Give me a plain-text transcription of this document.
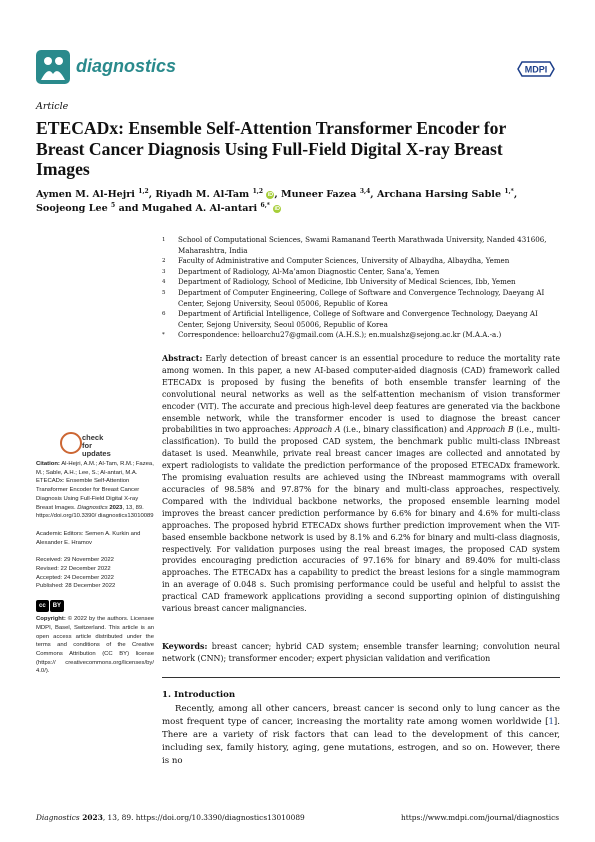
diagnostics	MDPI
Article
ETECADx: Ensemble Self-Attention Transformer Encoder for Breast Cancer Diagnosis Using Full-Field Digital X-ray Breast Images
Aymen M. Al-Hejri $^{1,2}$, Riyadh M. Al-Tam $^{1,2}$ iD, Muneer Fazea $^{3,4}$, Archana Harsing Sable $^{1,*}$, Soojeong Lee $^5$ and Mugahed A. Al-antari $^{6,*}$ iD
1	School of Computational Sciences, Swami Ramanand Teerth Marathwada University, Nanded 431606, Maharashtra, India
2	Faculty of Administrative and Computer Sciences, University of Albaydha, Albaydha, Yemen
3	Department of Radiology, Al-Ma’amon Diagnostic Center, Sana’a, Yemen
4	Department of Radiology, School of Medicine, Ibb University of Medical Sciences, Ibb, Yemen
5	Department of Computer Engineering, College of Software and Convergence Technology, Daeyang AI Center, Sejong University, Seoul 05006, Republic of Korea
6	Department of Artificial Intelligence, College of Software and Convergence Technology, Daeyang AI Center, Sejong University, Seoul 05006, Republic of Korea
*	Correspondence: helloarchu27@gmail.com (A.H.S.); en.mualshz@sejong.ac.kr (M.A.A.-a.)
Abstract: Early detection of breast cancer is an essential procedure to reduce the mortality rate among women. In this paper, a new AI-based computer-aided diagnosis (CAD) framework called ETECADx is proposed by fusing the benefits of both ensemble transfer learning of the convolutional neural networks as well as the self-attention mechanism of vision transformer encoder (ViT). The accurate and precious high-level deep features are generated via the backbone ensemble network, while the transformer encoder is used to diagnose the breast cancer probabilities in two approaches: Approach A (i.e., binary classification) and Approach B (i.e., multi-classification). To build the proposed CAD system, the benchmark public multi-class INbreast dataset is used. Meanwhile, private real breast cancer images are collected and annotated by expert radiologists to validate the prediction performance of the proposed ETECADx framework. The promising evaluation results are achieved using the INbreast mammograms with overall accuracies of 98.58% and 97.87% for the binary and multi-class approaches, respectively. Compared with the individual backbone networks, the proposed ensemble learning model improves the breast cancer prediction performance by 6.6% for binary and 4.6% for multi-class approaches. The proposed hybrid ETECADx shows further prediction improvement when the ViT-based ensemble backbone network is used by 8.1% and 6.2% for binary and multi-class diagnosis, respectively. For validation purposes using the real breast images, the proposed CAD system provides encouraging prediction accuracies of 97.16% for binary and 89.40% for multi-class approaches. The ETECADx has a capability to predict the breast lesions for a single mammogram in an average of 0.048 s. Such promising performance could be useful and helpful to assist the practical CAD framework applications providing a second supporting opinion of distinguishing various breast cancer malignancies.
Keywords: breast cancer; hybrid CAD system; ensemble transfer learning; convolution neural network (CNN); transformer encoder; expert physician validation and verification
1. Introduction
Recently, among all other cancers, breast cancer is second only to lung cancer as the most frequent type of cancer, increasing the mortality rate among women worldwide [1]. There are a variety of risk factors that can lead to the development of this cancer, including sex, family history, aging, gene mutations, estrogen, and so on. However, there is no
check for
updates
Citation: Al-Hejri, A.M.; Al-Tam, R.M.; Fazea, M.; Sable, A.H.; Lee, S.; Al-antari, M.A. ETECADx: Ensemble Self-Attention Transformer Encoder for Breast Cancer Diagnosis Using Full-Field Digital X-ray Breast Images. Diagnostics 2023, 13, 89. https://doi.org/10.3390/ diagnostics13010089
Academic Editors: Semen A. Kurkin and Alexander E. Hramov
Received: 29 November 2022
Revised: 22 December 2022
Accepted: 24 December 2022
Published: 28 December 2022
cc	BY
Copyright: © 2022 by the authors. Licensee MDPI, Basel, Switzerland. This article is an open access article distributed under the terms and conditions of the Creative Commons Attribution (CC BY) license (https:// creativecommons.org/licenses/by/ 4.0/).
Diagnostics 2023, 13, 89. https://doi.org/10.3390/diagnostics13010089	https://www.mdpi.com/journal/diagnostics
